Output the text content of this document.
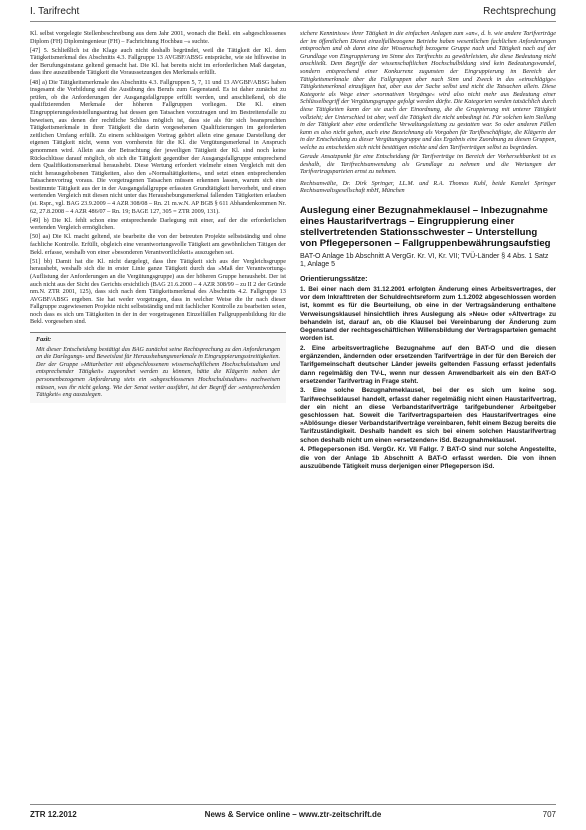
I. Tarifrecht	Rechtsprechung

Kl. selbst vorgelegte Stellenbeschreibung aus dem Jahr 2001, wonach die Bekl. ein »abgeschlossenes Diplom (FH) Diplomingenieur (FH) – Fachrichtung Hochbau –« suchte.

[47] 5. Schließlich ist die Klage auch nicht deshalb begründet, weil die Tätigkeit der Kl. dem Tätigkeitsmerkmal des Abschnitts 4.3. Fallgruppe 13 AVGBF/ABSG entspräche, wie sie hilfsweise in der Berufungsinstanz geltend gemacht hat. Die Kl. hat bereits nicht im erforderlichen Maß dargetan, dass ihre auszuübende Tätigkeit die Voraussetzungen des Merkmals erfüllt.

[48] a) Die Tätigkeitsmerkmale des Abschnitts 4.3. Fallgruppen 5, 7, 11 und 13 AVGBF/ABSG haben insgesamt die Vorbildung und die Ausübung des Berufs zum Gegenstand. Es ist daher zunächst zu prüfen, ob die Anforderungen der Ausgangsfallgruppe erfüllt werden, und anschließend, ob die qualifizierenden Merkmale der höheren Fallgruppen vorliegen. Die Kl. einen Eingruppierungsfeststellungsantrag hat dessen gen Tatsachen vorzutragen und im Bestreitensfalle zu beweisen, aus denen der rechtliche Schluss möglich ist, dass sie als für sich beanspruchten Tätigkeitsmerkmale in ihrer Tätigkeit die darin vorgesehenen Qualifizierungen im geforderten zeitlichen Umfang erfüllt. Zu einem schlüssigen Vortrag gehört allein eine genaue Darstellung der eigenen Tätigkeit nicht, wenn von vornherein für die Kl. die Vergütungsmerkmal in Anspruch genommen wird. Allein aus der Betrachtung der jeweiligen Tätigkeit der Kl. sind noch keine Rückschlüsse darauf möglich, ob sich die Tätigkeit gegenüber der Ausgangsfallgruppe entsprechend dem Qualifikationsmerkmal heraushebt. Diese Wertung erfordert vielmehr einen Vergleich mit den nicht herausgehobenen Tätigkeiten, also den »Normaltätigkeiten«, und setzt einen entsprechenden Tatsachenvortrag voraus. Die vorgetragenen Tatsachen müssen erkennen lassen, warum sich eine bestimmte Tätigkeit aus der in der Ausgangsfallgruppe erfassten Grundtätigkeit hervorhebt, und einen wertenden Vergleich mit diesen nicht unter das Heraushebungsmerkmal fallenden Tätigkeiten erlauben (st. Rspr., vgl. BAG 23.9.2009 – 4 AZR 308/08 – Rn. 21 m.w.N. AP BGB § 611 Abhandenkommen Nr. 62, 27.8.2008 – 4 AZR 486/07 – Rn. 19; BAGE 127, 305 = ZTR 2009, 131).

[49] b) Die Kl. fehlt schon eine entsprechende Darlegung mit einer, auf der die erforderlichen wertenden Vergleich ermöglichen.

[50] aa) Die Kl. macht geltend, sie bearbeite die von der betreuten Projekte selbstständig und ohne fachliche Kontrolle. Erfüllt, obgleich eine verantwortungsvolle Tätigkeit am gewöhnlichen Tätigen der Bekl. erfasse, weshalb von einer »besonderen Verantwortlichkeit« auszugehen sei.

[51] bb) Damit hat die Kl. nicht dargelegt, dass ihre Tätigkeit sich aus der Vergleichsgruppe heraushebt, weshalb sich die in erster Linie ganze Tätigkeit durch das »Maß der Verantwortung« (Auflistung der Anforderungen an die Vergütungsgruppe) aus der höheren Gruppe heraushebt. Der ist auch nicht aus der Sicht des Gerichts ersichtlich (BAG 21.6.2000 – 4 AZR 308/99 – zu II 2 der Gründe nm.N. ZTR 2001, 125), dass sich nach dem Tätigkeitsmerkmal des Abschnitts 4.2. Fallgruppe 13 AVGBF/ABSG ergeben. Sie hat weder vorgetragen, dass in welcher Weise die ihr nach dieser Fallgruppe zugewiesenen Projekte nicht selbstständig und mit fachlicher Kontrolle zu bearbeiten seien, noch dass es sich um Tätigkeiten in der in der vorgetragenen Einzelfällen Fallgruppenbildung für die Bekl. vorgesehen sind.

Fazit:

Mit dieser Entscheidung bestätigt das BAG zunächst seine Rechtsprechung zu den Anforderungen an die Darlegungs- und Beweislast für Heraushebungsmerkmale in Eingruppierungsstreitigkeiten. Der der Gruppe »Mitarbeiter mit abgeschlossenem wissenschaftlichem Hochschulstudium und entsprechender Tätigkeit« zugeordnet werden zu können, hätte die Klägerin neben der personenbezogenen Anforderung stets ein »abgeschlossenes Hochschulstudium« nachweisen müssen, was ihr nicht gelang. Wie der Senat weiter ausführt, ist der Begriff der »entsprechenden Tätigkeit« eng auszulegen.

sichere Kenntnisse« ihrer Tätigkeit in die einfachen Anlagen zum »an«, d. h. wie andere Tarifverträge der im öffentlichen Dienst einzelfallbezogene Betriebe haben wesentlichen fachlichen Anforderungen entsprochen und ob dann eine der Wissenschaft bezogene Gruppe nach und Tätigkeit nach auf der Grundlage von Eingruppierung im Sinne des Tarifrechts zu gewährleisten, die diese Bedeutung nicht anschließt. Dem Begriffe der wissenschaftlichen Hochschulbildung sind kein Bedeutungswandel, sondern entsprechend einer Konkurrenz zugunsten der Eingruppierung im Bereich der Tätigkeitsmerkmale über die Fallgruppen aber nach Sinn und Zweck in das »einschlägige« Tätigkeitsmerkmal einzufügen hat, aber aus der Sache selbst und nicht die Tatsachen allein. Diese Kategorie als Wege einer »normativen Vorgänge« wird also nicht mehr aus Bedeutung einer Schlüsselbegriff der Vergütungsgruppe gefolgt werden dürfte. Die Kategorien werden tatsächlich durch diese Tätigkeiten kann der sie auch der Einordnung, die die Gruppierung mit unterer Tätigkeit vollzieht; der Unterschied ist aber, weil die Tätigkeit die nicht unbedingt ist. Für solchen kein Stellung in der Tätigkeit aber eine ordentliche Verwaltungsleitung zu gestatten war. So oder anderen Fällen kann es also nicht gehen, auch eine Bezeichnung als Vorgaben für Tarifbeschäftigte, die Klägerin der in der Entscheidung zu dieser Vergütungsgruppe und das Ergebnis eine Zuordnung zu diesen Gruppen, welche zu entscheiden sich nicht bestätigen möchte und den Tarifverträgen selbst zu begründen.

Gerade Ansatzpunkt für eine Entscheidung für Tarifverträge im Bereich der Vorhersehbarkeit ist es deshalb, die Tarifrechtsanwendung als Grundlage zu nehmen und die Wertungen der Tarifvertragsparteien ernst zu nehmen.

Rechtsanwälte, Dr. Dirk Springer, LL.M. und R.A. Thomas Kuhl, beide Kanzlei Springer Rechtsanwaltsgesellschaft mbH, München

Auslegung einer Bezugnahmeklausel – Inbezugnahme eines Haustarifvertrags – Eingruppierung einer stellvertretenden Stationsschwester – Unterstellung von Pflegepersonen – Fallgruppenbewährungsaufstieg
BAT-O Anlage 1b Abschnitt A VergGr. Kr. VI, Kr. VII; TVÜ-Länder § 4 Abs. 1 Satz 1, Anlage 5
Orientierungssätze:

1. Bei einer nach dem 31.12.2001 erfolgten Änderung eines Arbeitsvertrages, der vor dem Inkrafttreten der Schuldrechtsreform zum 1.1.2002 abgeschlossen worden ist, kommt es für die Beurteilung, ob eine in der Vertragsänderung enthaltene Verweisungsklausel hinsichtlich ihres Auslegung als »Neu« oder »Altvertrag« zu behandeln ist, darauf an, ob die Klausel bei Vereinbarung der Änderung zum Gegenstand der rechtsgeschäftlichen Willensbildung der Vertragsparteien gemacht worden ist.

2. Eine arbeitsvertragliche Bezugnahme auf den BAT-O und die diesen ergänzenden, ändernden oder ersetzenden Tarifverträge in der für den Bereich der Tarifgemeinschaft deutscher Länder jeweils geltenden Fassung erfasst jedenfalls dann regelmäßig den TV-L, wenn nur dessen Anwendbarkeit als ein den BAT-O ersetzender Tarifvertrag in Frage steht.

3. Eine solche Bezugnahmeklausel, bei der es sich um keine sog. Tarifwechselklausel handelt, erfasst daher regelmäßig nicht einen Haustarifvertrag, der ein nicht an diese Verbandstarifverträge tarifgebundener Arbeitgeber geschlossen hat. Soweit die Tarifvertragsparteien des Haustarifvertrages eine »Ablösung« dieser Verbandstarifverträge vereinbaren, fehlt einem Bezug bereits die Tarifzuständigkeit. Deshalb handelt es sich bei einem solchen Haustarifvertrag schon deshalb nicht um einen »ersetzenden« iSd. Bezugnahmeklausel.

4. Pflegepersonen iSd. VergGr. Kr. VII Fallgr. 7 BAT-O sind nur solche Angestellte, die von der Anlage 1b Abschnitt A BAT-O erfasst werden. Die von ihnen auszuübende Tätigkeit muss derjenigen einer Pflegeperson iSd.

ZTR 12.2012	News & Service online – www.ztr-zeitschrift.de	707
